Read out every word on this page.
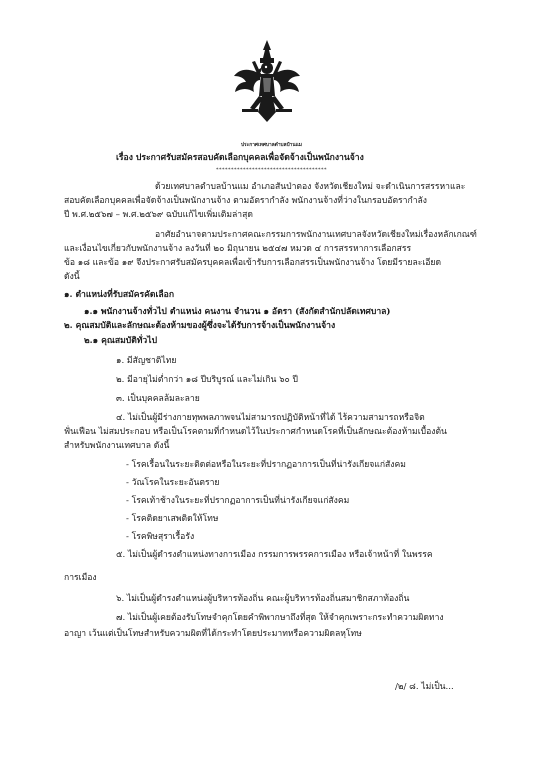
ประกาศเทศบาลตำบลบ้านแม
เรื่อง ประกาศรับสมัครสอบคัดเลือกบุคคลเพื่อจัดจ้างเป็นพนักงานจ้าง
*************************************
ด้วยเทศบาลตำบลบ้านแม อำเภอสันป่าตอง จังหวัดเชียงใหม่ จะดำเนินการสรรหาและ
สอบคัดเลือกบุคคลเพื่อจัดจ้างเป็นพนักงานจ้าง ตามอัตรากำลัง พนักงานจ้างที่ว่างในกรอบอัตรากำลัง
ปี พ.ศ.๒๕๖๗ – พ.ศ.๒๕๖๙ ฉบับแก้ไขเพิ่มเติมล่าสุด
อาศัยอำนาจตามประกาศคณะกรรมการพนักงานเทศบาลจังหวัดเชียงใหม่เรื่องหลักเกณฑ์
และเงื่อนไขเกี่ยวกับพนักงานจ้าง ลงวันที่ ๒๐ มิถุนายน ๒๕๔๗ หมวด ๔ การสรรหาการเลือกสรร
ข้อ ๑๘ และข้อ ๑๙ จึงประกาศรับสมัครบุคคลเพื่อเข้ารับการเลือกสรรเป็นพนักงานจ้าง โดยมีรายละเอียด
ดังนี้
๑. ตำแหน่งที่รับสมัครคัดเลือก
๑.๑ พนักงานจ้างทั่วไป ตำแหน่ง คนงาน จำนวน ๑ อัตรา (สังกัดสำนักปลัดเทศบาล)
๒. คุณสมบัติและลักษณะต้องห้ามของผู้ซึ่งจะได้รับการจ้างเป็นพนักงานจ้าง
๒.๑ คุณสมบัติทั่วไป
๑. มีสัญชาติไทย
๒. มีอายุไม่ต่ำกว่า ๑๘ ปีบริบูรณ์ และไม่เกิน ๖๐ ปี
๓. เป็นบุคคลล้มละลาย
๔. ไม่เป็นผู้มีร่างกายทุพพลภาพจนไม่สามารถปฏิบัติหน้าที่ได้ ไร้ความสามารถหรือจิต
ฟั่นเฟือน ไม่สมประกอบ หรือเป็นโรคตามที่กำหนดไว้ในประกาศกำหนดโรคที่เป็นลักษณะต้องห้ามเบื้องต้น
สำหรับพนักงานเทศบาล ดังนี้
- โรคเรื้อนในระยะติดต่อหรือในระยะที่ปรากฏอาการเป็นที่น่ารังเกียจแก่สังคม
- วัณโรคในระยะอันตราย
- โรคเท้าช้างในระยะที่ปรากฏอาการเป็นที่น่ารังเกียจแก่สังคม
- โรคติดยาเสพติดให้โทษ
- โรคพิษสุราเรื้อรัง
๕. ไม่เป็นผู้ดำรงตำแหน่งทางการเมือง กรรมการพรรคการเมือง หรือเจ้าหน้าที่ ในพรรค
การเมือง
๖. ไม่เป็นผู้ดำรงตำแหน่งผู้บริหารท้องถิ่น คณะผู้บริหารท้องถิ่นสมาชิกสภาท้องถิ่น
๗. ไม่เป็นผู้เคยต้องรับโทษจำคุกโดยคำพิพากษาถึงที่สุด ให้จำคุกเพราะกระทำความผิดทาง
อาญา เว้นแต่เป็นโทษสำหรับความผิดที่ได้กระทำโดยประมาทหรือความผิดลหุโทษ
/๒/ ๘. ไม่เป็น...
